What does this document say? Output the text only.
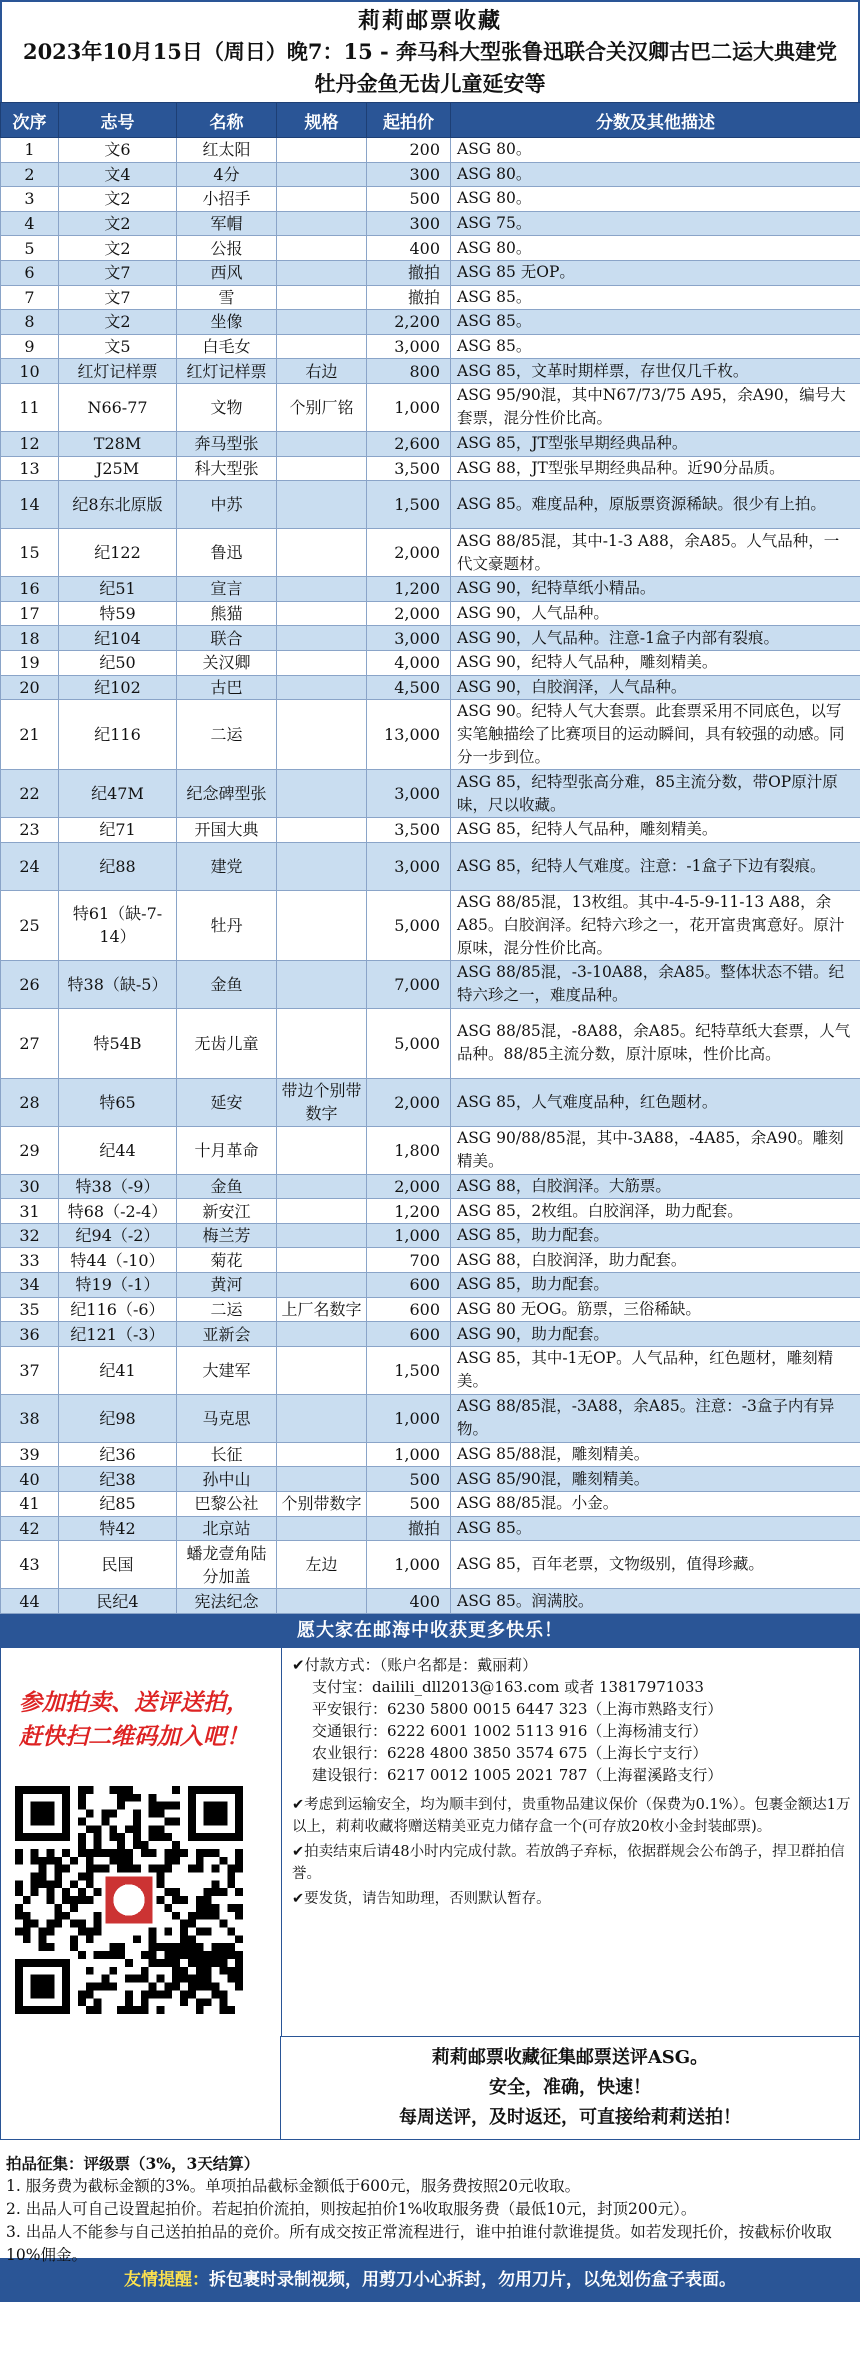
莉莉邮票收藏
2023年10月15日（周日）晚7：15 - 奔马科大型张鲁迅联合关汉卿古巴二运大典建党
牡丹金鱼无齿儿童延安等
次序	志号	名称	规格	起拍价	分数及其他描述
1	文6	红太阳		200	ASG 80。
2	文4	4分		300	ASG 80。
3	文2	小招手		500	ASG 80。
4	文2	军帽		300	ASG 75。
5	文2	公报		400	ASG 80。
6	文7	西风		撤拍	ASG 85 无OP。
7	文7	雪		撤拍	ASG 85。
8	文2	坐像		2,200	ASG 85。
9	文5	白毛女		3,000	ASG 85。
10	红灯记样票	红灯记样票	右边	800	ASG 85，文革时期样票，存世仅几千枚。
11	N66-77	文物	个别厂铭	1,000	ASG 95/90混，其中N67/73/75 A95，余A90，编号大套票，混分性价比高。
12	T28M	奔马型张		2,600	ASG 85，JT型张早期经典品种。
13	J25M	科大型张		3,500	ASG 88，JT型张早期经典品种。近90分品质。
14	纪8东北原版	中苏		1,500	ASG 85。难度品种，原版票资源稀缺。很少有上拍。
15	纪122	鲁迅		2,000	ASG 88/85混，其中-1-3 A88，余A85。人气品种，一代文豪题材。
16	纪51	宣言		1,200	ASG 90，纪特草纸小精品。
17	特59	熊猫		2,000	ASG 90，人气品种。
18	纪104	联合		3,000	ASG 90，人气品种。注意-1盒子内部有裂痕。
19	纪50	关汉卿		4,000	ASG 90，纪特人气品种，雕刻精美。
20	纪102	古巴		4,500	ASG 90，白胶润泽，人气品种。
21	纪116	二运		13,000	ASG 90。纪特人气大套票。此套票采用不同底色，以写实笔触描绘了比赛项目的运动瞬间，具有较强的动感。同分一步到位。
22	纪47M	纪念碑型张		3,000	ASG 85，纪特型张高分难，85主流分数，带OP原汁原味，尺以收藏。
23	纪71	开国大典		3,500	ASG 85，纪特人气品种，雕刻精美。
24	纪88	建党		3,000	ASG 85，纪特人气难度。注意：-1盒子下边有裂痕。
25	特61（缺-7-14）	牡丹		5,000	ASG 88/85混，13枚组。其中-4-5-9-11-13 A88，余A85。白胶润泽。纪特六珍之一，花开富贵寓意好。原汁原味，混分性价比高。
26	特38（缺-5）	金鱼		7,000	ASG 88/85混，-3-10A88，余A85。整体状态不错。纪特六珍之一，难度品种。
27	特54B	无齿儿童		5,000	ASG 88/85混，-8A88，余A85。纪特草纸大套票，人气品种。88/85主流分数，原汁原味，性价比高。
28	特65	延安	带边个别带数字	2,000	ASG 85，人气难度品种，红色题材。
29	纪44	十月革命		1,800	ASG 90/88/85混，其中-3A88，-4A85，余A90。雕刻精美。
30	特38（-9）	金鱼		2,000	ASG 88，白胶润泽。大筋票。
31	特68（-2-4）	新安江		1,200	ASG 85，2枚组。白胶润泽，助力配套。
32	纪94（-2）	梅兰芳		1,000	ASG 85，助力配套。
33	特44（-10）	菊花		700	ASG 88，白胶润泽，助力配套。
34	特19（-1）	黄河		600	ASG 85，助力配套。
35	纪116（-6）	二运	上厂名数字	600	ASG 80 无OG。筋票，三俗稀缺。
36	纪121（-3）	亚新会		600	ASG 90，助力配套。
37	纪41	大建军		1,500	ASG 85，其中-1无OP。人气品种，红色题材，雕刻精美。
38	纪98	马克思		1,000	ASG 88/85混，-3A88，余A85。注意：-3盒子内有异物。
39	纪36	长征		1,000	ASG 85/88混，雕刻精美。
40	纪38	孙中山		500	ASG 85/90混，雕刻精美。
41	纪85	巴黎公社	个别带数字	500	ASG 88/85混。小金。
42	特42	北京站		撤拍	ASG 85。
43	民国	蟠龙壹角陆分加盖	左边	1,000	ASG 85，百年老票，文物级别，值得珍藏。
44	民纪4	宪法纪念		400	ASG 85。润满胶。
愿大家在邮海中收获更多快乐！
参加拍卖、送评送拍，
赶快扫二维码加入吧！
✔付款方式：（账户名都是：戴丽莉）
支付宝：dailili_dll2013@163.com 或者 13817971033
平安银行：6230 5800 0015 6447 323（上海市熟路支行）
交通银行：6222 6001 1002 5113 916（上海杨浦支行）
农业银行：6228 4800 3850 3574 675（上海长宁支行）
建设银行：6217 0012 1005 2021 787（上海翟溪路支行）

✔考虑到运输安全，均为顺丰到付，贵重物品建议保价（保费为0.1%）。包裹金额达1万以上，莉莉收藏将赠送精美亚克力储存盒一个(可存放20枚小金封装邮票)。

✔拍卖结束后请48小时内完成付款。若放鸽子弃标，依据群规会公布鸽子，捍卫群拍信誉。

✔要发货，请告知助理，否则默认暂存。

莉莉邮票收藏征集邮票送评ASG。
安全，准确，快速！
每周送评，及时返还，可直接给莉莉送拍！
拍品征集：评级票（3%，3天结算）
1. 服务费为截标金额的3%。单项拍品截标金额低于600元，服务费按照20元收取。
2. 出品人可自己设置起拍价。若起拍价流拍，则按起拍价1%收取服务费（最低10元，封顶200元）。
3. 出品人不能参与自己送拍拍品的竞价。所有成交按正常流程进行，谁中拍谁付款谁提货。如若发现托价，按截标价收取10%佣金。
友情提醒：拆包裹时录制视频，用剪刀小心拆封，勿用刀片，以免划伤盒子表面。
